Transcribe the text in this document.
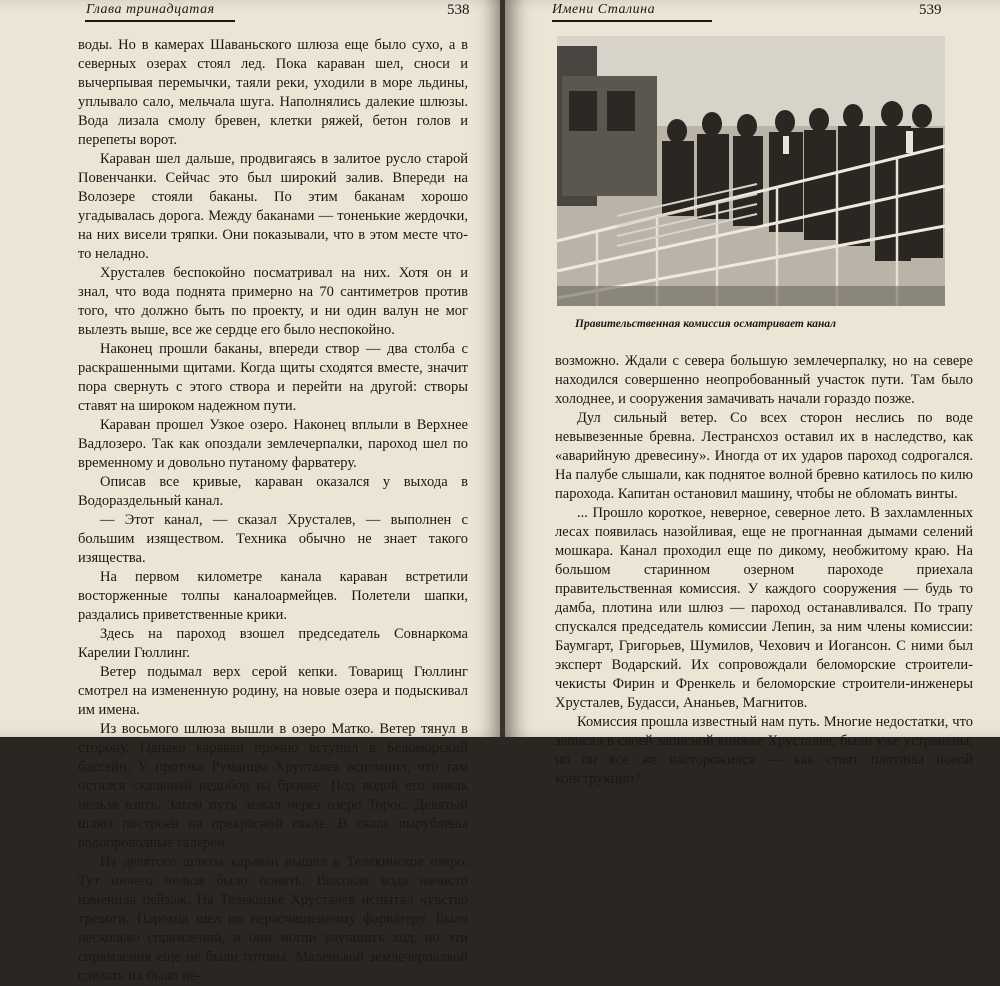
Глава тринадцатая	538

воды. Но в камерах Шаваньского шлюза еще было сухо, а в северных озерах стоял лед. Пока караван шел, сноси и вычерпывая перемычки, таяли реки, уходили в море льдины, уплывало сало, мельчала шуга. Наполнялись далекие шлюзы. Вода лизала смолу бревен, клетки ряжей, бетон голов и перепеты ворот.

Караван шел дальше, продвигаясь в залитое русло старой Повенчанки. Сейчас это был широкий залив. Впереди на Волозере стояли баканы. По этим баканам хорошо угадывалась дорога. Между баканами — тоненькие жердочки, на них висели тряпки. Они показывали, что в этом месте что-то неладно.

Хрусталев беспокойно посматривал на них. Хотя он и знал, что вода поднята примерно на 70 сантиметров против того, что должно быть по проекту, и ни один валун не мог вылезть выше, все же сердце его было неспокойно.

Наконец прошли баканы, впереди створ — два столба с раскрашенными щитами. Когда щиты сходятся вместе, значит пора свернуть с этого створа и перейти на другой: створы ставят на широком надежном пути.

Караван прошел Узкое озеро. Наконец вплыли в Верхнее Вадлозеро. Так как опоздали землечерпалки, пароход шел по временному и довольно путаному фарватеру.

Описав все кривые, караван оказался у выхода в Водораздельный канал.

— Этот канал, — сказал Хрусталев, — выполнен с большим изяществом. Техника обычно не знает такого изящества.

На первом километре канала караван встретили восторженные толпы каналоармейцев. Полетели шапки, раздались приветственные крики.

Здесь на пароход взошел председатель Совнаркома Карелии Гюллинг.

Ветер подымал верх серой кепки. Товарищ Гюллинг смотрел на измененную родину, на новые озера и подыскивал им имена.

Из восьмого шлюза вышли в озеро Матко. Ветер тянул в сторону. Однако караван прочно вступил в Беломорский бассейн. У протока Руманцы Хрусталев вспомнил, что там остался скальный недобор на бровке. Под водой его никак нельзя взять. Затем путь лежал через озеро Торос. Девятый шлюз построен на прекрасной скале. В скале вырублены водопроводные галереи.

Из девятого шлюза караван вышел в Телекинское озеро. Тут ничего нельзя было понять. Высокая вода начисто изменила пейзаж. На Телекинке Хрусталев испытал чувство тревоги. Пароход шел по нерасчищенному фарватеру. Было несколько спрямлений, и они могли улучшить ход, но эти спрямления еще не были готовы. Маленькой землечерпалкой сделать их было не-

Имени Сталина	539
Правительственная комиссия осматривает канал

возможно. Ждали с севера большую землечерпалку, но на севере находился совершенно неопробованный участок пути. Там было холоднее, и сооружения замачивать начали гораздо позже.

Дул сильный ветер. Со всех сторон неслись по воде невывезенные бревна. Лестрансхоз оставил их в наследство, как «аварийную древесину». Иногда от их ударов пароход содрогался. На палубе слышали, как поднятое волной бревно катилось по килю парохода. Капитан остановил машину, чтобы не обломать винты.

... Прошло короткое, неверное, северное лето. В захламленных лесах появилась назойливая, еще не прогнанная дымами селений мошкара. Канал проходил еще по дикому, необжитому краю. На большом старинном озерном пароходе приехала правительственная комиссия. У каждого сооружения — будь то дамба, плотина или шлюз — пароход останавливался. По трапу спускался председатель комиссии Лепин, за ним члены комиссии: Баумгарт, Григорьев, Шумилов, Чехович и Иогансон. С ними был эксперт Водарский. Их сопровождали беломорские строители-чекисты Фирин и Френкель и беломорские строители-инженеры Хрусталев, Будасси, Ананьев, Магнитов.

Комиссия прошла известный нам путь. Многие недостатки, что записал в своей записной книжке Хрусталев, были уже устранены, но он все же насторожился — как стоят плотины новой конструкции?
